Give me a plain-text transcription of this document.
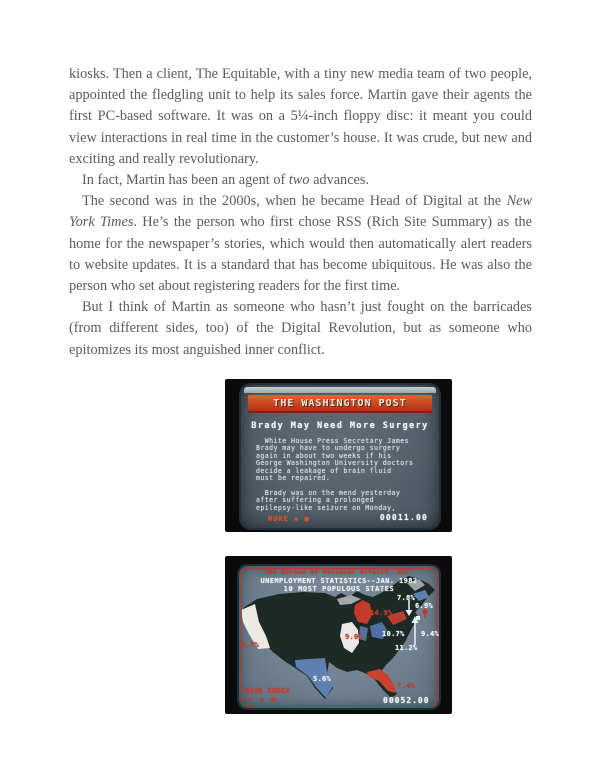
kiosks. Then a client, The Equitable, with a tiny new media team of two people, appointed the fledgling unit to help its sales force. Martin gave their agents the first PC-based software. It was on a 5¼-inch floppy disc: it meant you could view interactions in real time in the customer’s house. It was crude, but new and exciting and really revolutionary.

In fact, Martin has been an agent of two advances.

The second was in the 2000s, when he became Head of Digital at the New York Times. He’s the person who first chose RSS (Rich Site Summary) as the home for the newspaper’s stories, which would then automatically alert readers to website updates. It is a standard that has become ubiquitous. He was also the person who set about registering readers for the first time.

But I think of Martin as someone who hasn’t just fought on the barricades (from different sides, too) of the Digital Revolution, but as someone who epitomizes its most anguished inner conflict.

THE WASHINGTON POST
Brady May Need More Surgery
White House Press Secretary James
Brady may have to undergo surgery
again in about two weeks if his
George Washington University doctors
decide a leakage of brain fluid
must be repaired.
Brady was on the mend yesterday
after suffering a prolonged
epilepsy-like seizure on Monday,
MORE ◆ ■	00011.00
The Bureau of National Affairs, Inc.
UNEMPLOYMENT STATISTICS--JAN. 1982
10 MOST POPULOUS STATES
7.8%
6.9%
14.9%
9.0%	10.7% 9.4%
11.2%
5.6%
7.4%
8.7%
MAIN INDEX
◆ ◆ ■	00052.00
